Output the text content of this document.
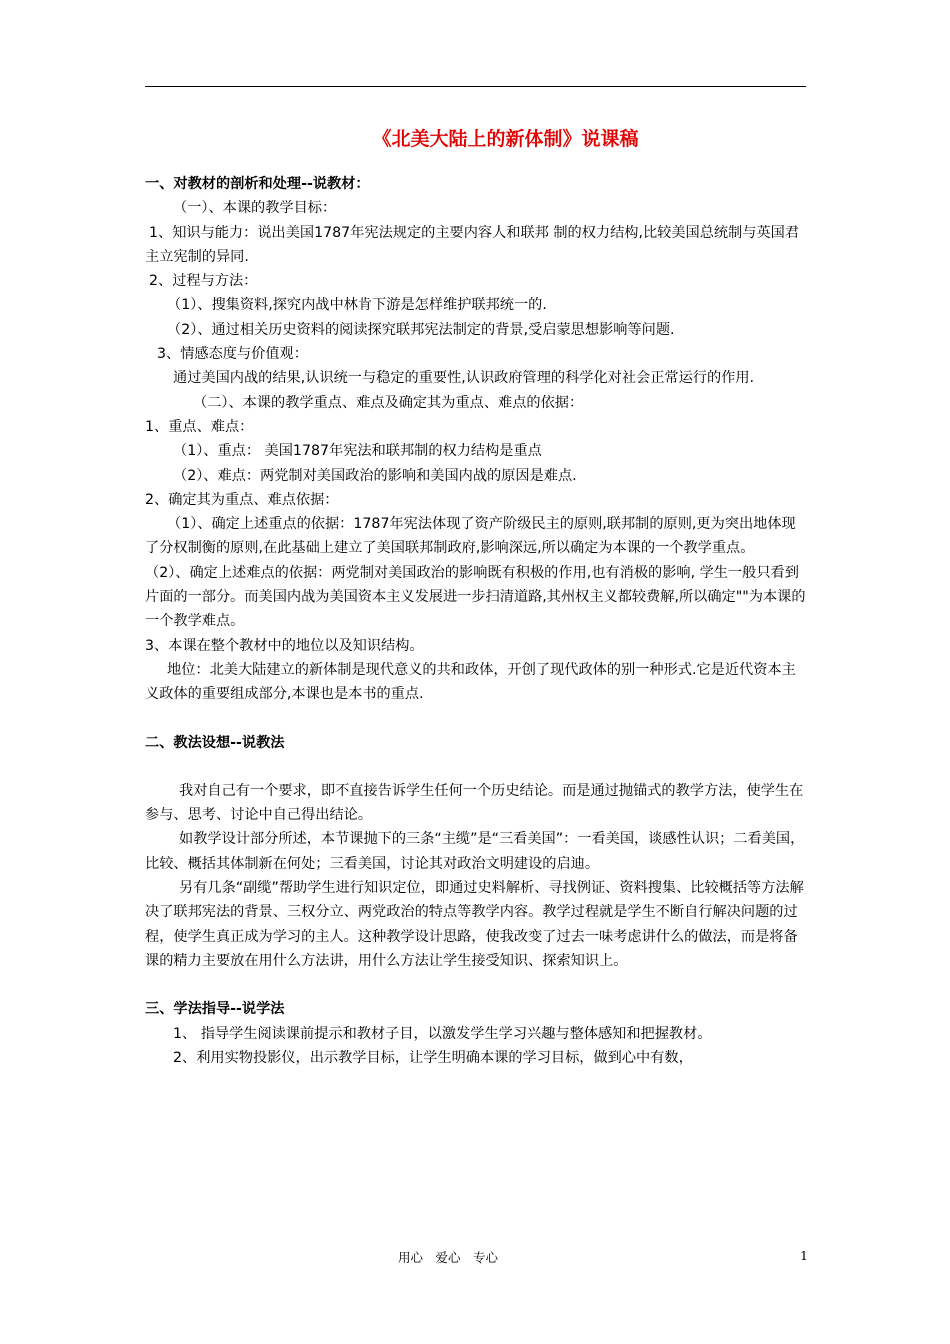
《北美大陆上的新体制》说课稿

一、对教材的剖析和处理--说教材：

（一）、本课的教学目标：

1、知识与能力：说出美国1787年宪法规定的主要内容人和联邦 制的权力结构,比较美国总统制与英国君主立宪制的异同.

2、过程与方法：

（1）、搜集资料,探究内战中林肯下游是怎样维护联邦统一的.

（2）、通过相关历史资料的阅读探究联邦宪法制定的背景,受启蒙思想影响等问题.

3、情感态度与价值观：

通过美国内战的结果,认识统一与稳定的重要性,认识政府管理的科学化对社会正常运行的作用.

（二）、本课的教学重点、难点及确定其为重点、难点的依据：

1、重点、难点：

（1）、重点： 美国1787年宪法和联邦制的权力结构是重点

（2）、难点：两党制对美国政治的影响和美国内战的原因是难点.

2、确定其为重点、难点依据：

（1）、确定上述重点的依据：1787年宪法体现了资产阶级民主的原则,联邦制的原则,更为突出地体现了分权制衡的原则,在此基础上建立了美国联邦制政府,影响深远,所以确定为本课的一个教学重点。

（2）、确定上述难点的依据：两党制对美国政治的影响既有积极的作用,也有消极的影响, 学生一般只看到片面的一部分。而美国内战为美国资本主义发展进一步扫清道路,其州权主义都较费解,所以确定""为本课的一个教学难点。

3、本课在整个教材中的地位以及知识结构。

地位：北美大陆建立的新体制是现代意义的共和政体，开创了现代政体的别一种形式.它是近代资本主义政体的重要组成部分,本课也是本书的重点.

二、教法设想--说教法

我对自己有一个要求，即不直接告诉学生任何一个历史结论。而是通过抛锚式的教学方法，使学生在参与、思考、讨论中自己得出结论。

如教学设计部分所述，本节课抛下的三条“主缆”是“三看美国”：一看美国，谈感性认识；二看美国，比较、概括其体制新在何处；三看美国，讨论其对政治文明建设的启迪。

另有几条“副缆”帮助学生进行知识定位，即通过史料解析、寻找例证、资料搜集、比较概括等方法解决了联邦宪法的背景、三权分立、两党政治的特点等教学内容。教学过程就是学生不断自行解决问题的过程，使学生真正成为学习的主人。这种教学设计思路，使我改变了过去一味考虑讲什么的做法，而是将备课的精力主要放在用什么方法讲，用什么方法让学生接受知识、探索知识上。

三、学法指导--说学法

1、 指导学生阅读课前提示和教材子目，以激发学生学习兴趣与整体感知和把握教材。

2、利用实物投影仪，出示教学目标，让学生明确本课的学习目标，做到心中有数，

用心　爱心　专心	1
